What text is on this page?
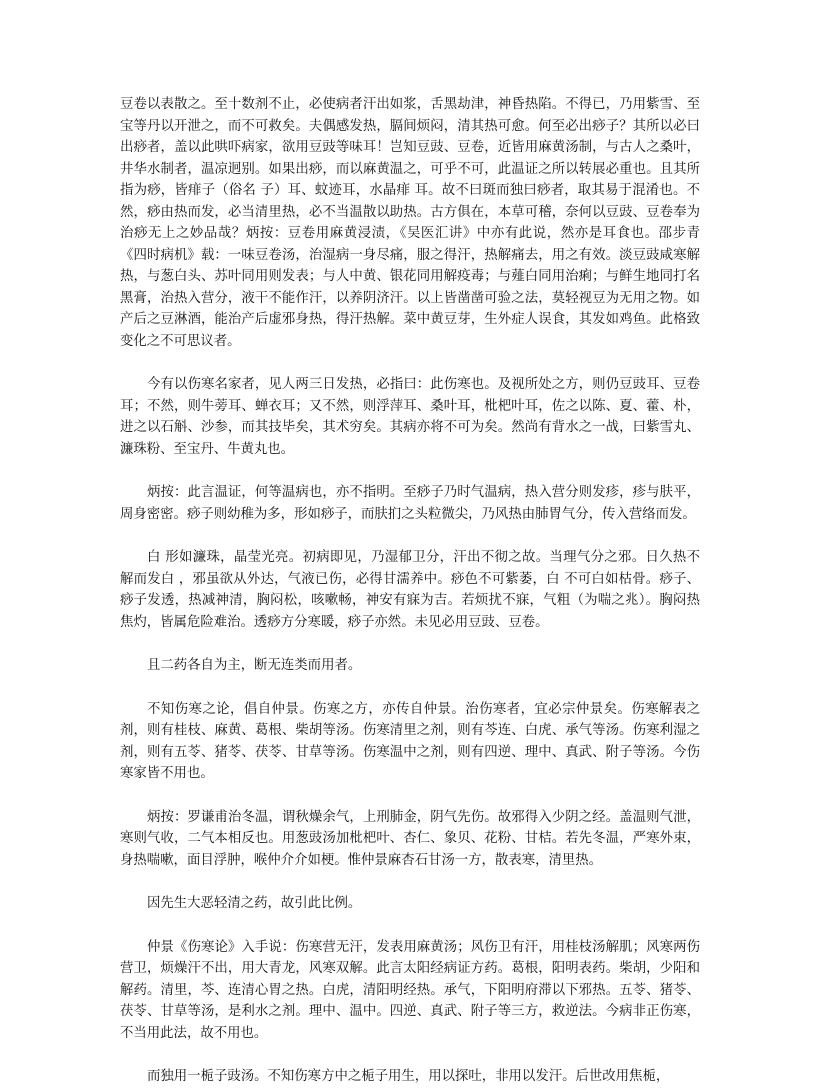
豆卷以表散之。至十数剂不止，必使病者汗出如浆，舌黑劫津，神昏热陷。不得已，乃用紫雪、至宝等丹以开泄之，而不可救矣。夫偶感发热，膈间烦闷，清其热可愈。何至必出痧子？其所以必曰出痧者，盖以此哄吓病家，欲用豆豉等味耳！岂知豆豉、豆卷，近皆用麻黄汤制，与古人之桑叶，井华水制者，温凉迥别。如果出痧，而以麻黄温之，可乎不可，此温证之所以转展必重也。且其所指为痧，皆痱子（俗名 子）耳、蚊迹耳，水晶痱 耳。故不曰斑而独曰痧者，取其易于混淆也。不然，痧由热而发，必当清里热，必不当温散以助热。古方俱在，本草可稽，奈何以豆豉、豆卷奉为治痧无上之妙品哉？炳按：豆卷用麻黄浸渍，《吴医汇讲》中亦有此说，然亦是耳食也。邵步青《四时病机》载：一味豆卷汤，治湿病一身尽痛，服之得汗，热解痛去，用之有效。淡豆豉咸寒解热，与葱白头、苏叶同用则发表；与人中黄、银花同用解疫毒；与薤白同用治痢；与鲜生地同打名黑膏，治热入营分，液干不能作汗，以养阴济汗。以上皆凿凿可验之法，莫轻视豆为无用之物。如产后之豆淋酒，能治产后虚邪身热，得汗热解。菜中黄豆芽，生外症人误食，其发如鸡鱼。此格致变化之不可思议者。

今有以伤寒名家者，见人两三日发热，必指曰：此伤寒也。及视所处之方，则仍豆豉耳、豆卷耳；不然，则牛蒡耳、蝉衣耳；又不然，则浮萍耳、桑叶耳，枇杷叶耳，佐之以陈、夏、藿、朴，进之以石斛、沙参，而其技毕矣，其术穷矣。其病亦将不可为矣。然尚有背水之一战，曰紫雪丸、濂珠粉、至宝丹、牛黄丸也。

炳按：此言温证，何等温病也，亦不指明。至痧子乃时气温病，热入营分则发疹，疹与肤平，周身密密。痧子则幼稚为多，形如痧子，而肤扪之头粒微尖，乃风热由肺胃气分，传入营络而发。

白 形如濂珠，晶莹光亮。初病即见，乃湿郁卫分，汗出不彻之故。当理气分之邪。日久热不解而发白 ，邪虽欲从外达，气液已伤，必得甘濡养中。痧色不可紫萎，白 不可白如枯骨。痧子、痧子发透，热减神清，胸闷松，咳嗽畅，神安有寐为吉。若烦扰不寐，气粗（为喘之兆）。胸闷热焦灼，皆属危险难治。透痧方分寒暖，痧子亦然。未见必用豆豉、豆卷。

且二药各自为主，断无连类而用者。

不知伤寒之论，倡自仲景。伤寒之方，亦传自仲景。治伤寒者，宜必宗仲景矣。伤寒解表之剂，则有桂枝、麻黄、葛根、柴胡等汤。伤寒清里之剂，则有芩连、白虎、承气等汤。伤寒利湿之剂，则有五苓、猪苓、茯苓、甘草等汤。伤寒温中之剂，则有四逆、理中、真武、附子等汤。今伤寒家皆不用也。

炳按：罗谦甫治冬温，谓秋燥余气，上刑肺金，阴气先伤。故邪得入少阴之经。盖温则气泄，寒则气收，二气本相反也。用葱豉汤加枇杷叶、杏仁、象贝、花粉、甘桔。若先冬温，严寒外束，身热喘嗽，面目浮肿，喉仲介介如梗。惟仲景麻杏石甘汤一方，散表寒，清里热。

因先生大恶轻清之药，故引此比例。

仲景《伤寒论》入手说：伤寒营无汗，发表用麻黄汤；风伤卫有汗，用桂枝汤解肌；风寒两伤营卫，烦燥汗不出，用大青龙，风寒双解。此言太阳经病证方药。葛根，阳明表药。柴胡，少阳和解药。清里，芩、连清心胃之热。白虎，清阳明经热。承气，下阳明府滞以下邪热。五苓、猪苓、茯苓、甘草等汤，是利水之剂。理中、温中。四逆、真武、附子等三方，救逆法。今病非正伤寒，不当用此法，故不用也。

而独用一栀子豉汤。不知伤寒方中之栀子用生，用以探吐，非用以发汗。后世改用焦栀，
